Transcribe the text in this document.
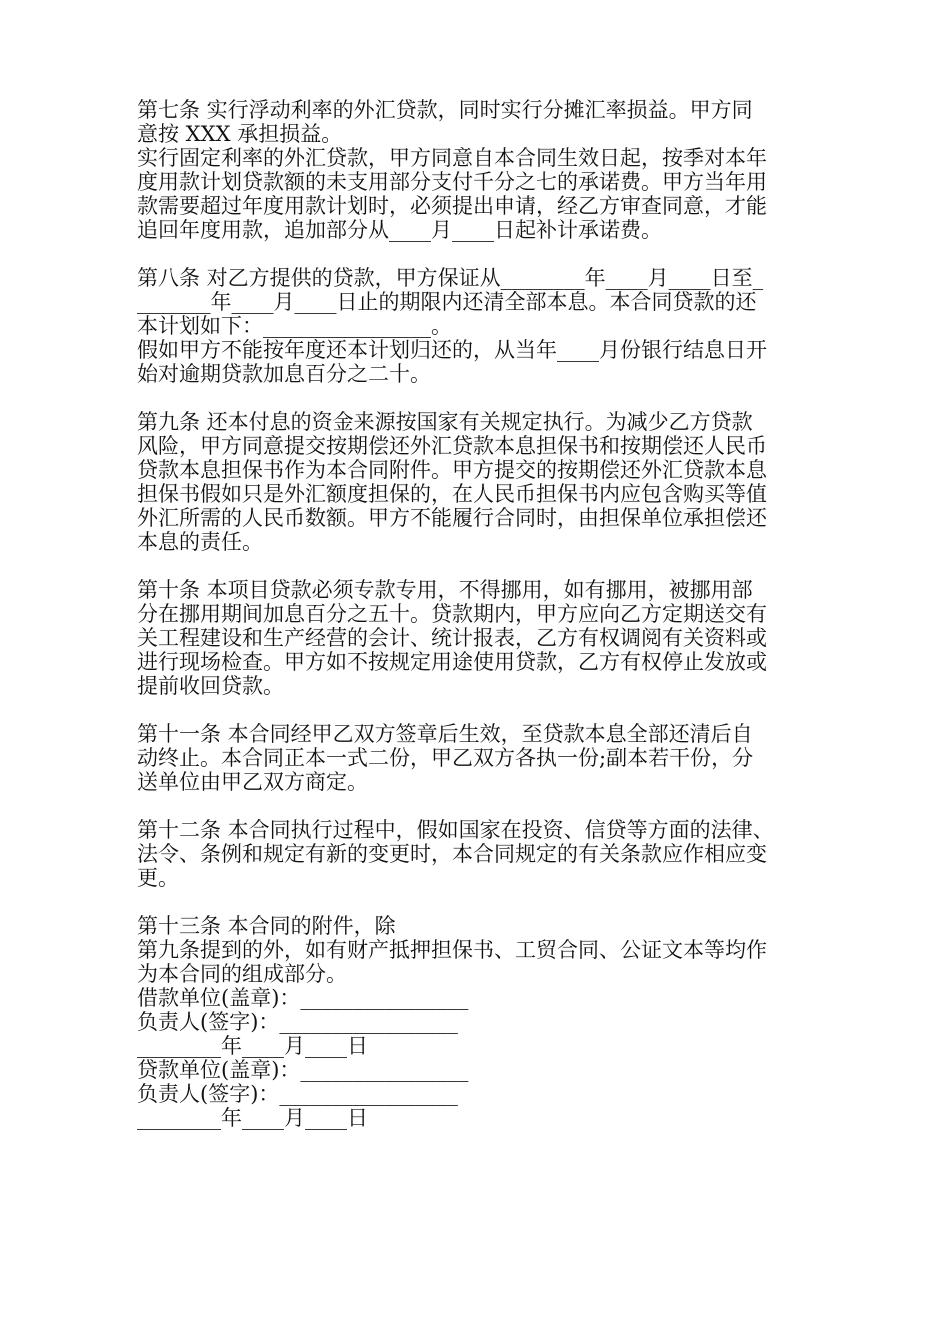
第七条 实行浮动利率的外汇贷款，同时实行分摊汇率损益。甲方同
意按 XXX 承担损益。
实行固定利率的外汇贷款，甲方同意自本合同生效日起，按季对本年
度用款计划贷款额的未支用部分支付千分之七的承诺费。甲方当年用
款需要超过年度用款计划时，必须提出申请，经乙方审查同意，才能
追回年度用款，追加部分从____月____日起补计承诺费。
第八条 对乙方提供的贷款，甲方保证从________年____月____日至_
_______年____月____日止的期限内还清全部本息。本合同贷款的还
本计划如下：________________。
假如甲方不能按年度还本计划归还的，从当年____月份银行结息日开
始对逾期贷款加息百分之二十。
第九条 还本付息的资金来源按国家有关规定执行。为减少乙方贷款
风险，甲方同意提交按期偿还外汇贷款本息担保书和按期偿还人民币
贷款本息担保书作为本合同附件。甲方提交的按期偿还外汇贷款本息
担保书假如只是外汇额度担保的，在人民币担保书内应包含购买等值
外汇所需的人民币数额。甲方不能履行合同时，由担保单位承担偿还
本息的责任。
第十条 本项目贷款必须专款专用，不得挪用，如有挪用，被挪用部
分在挪用期间加息百分之五十。贷款期内，甲方应向乙方定期送交有
关工程建设和生产经营的会计、统计报表，乙方有权调阅有关资料或
进行现场检查。甲方如不按规定用途使用贷款，乙方有权停止发放或
提前收回贷款。
第十一条 本合同经甲乙双方签章后生效，至贷款本息全部还清后自
动终止。本合同正本一式二份，甲乙双方各执一份;副本若干份，分
送单位由甲乙双方商定。
第十二条 本合同执行过程中，假如国家在投资、信贷等方面的法律、
法令、条例和规定有新的变更时，本合同规定的有关条款应作相应变
更。
第十三条 本合同的附件，除
第九条提到的外，如有财产抵押担保书、工贸合同、公证文本等均作
为本合同的组成部分。
借款单位(盖章)：________________
负责人(签字)：_________________
________年____月____日
贷款单位(盖章)：________________
负责人(签字)：_________________
________年____月____日
